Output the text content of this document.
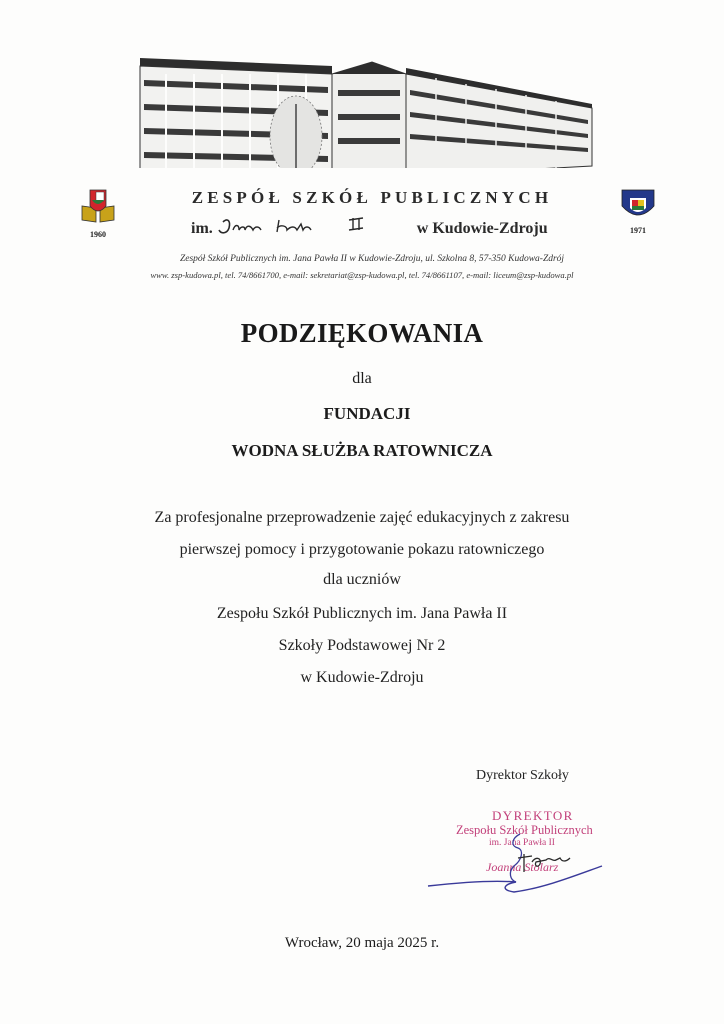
1960
ZESPÓŁ SZKÓŁ PUBLICZNYCH
im.	w Kudowie-Zdroju	1971
Zespół Szkół Publicznych im. Jana Pawła II w Kudowie-Zdroju, ul. Szkolna 8, 57-350 Kudowa-Zdrój
www. zsp-kudowa.pl, tel. 74/8661700, e-mail: sekretariat@zsp-kudowa.pl, tel. 74/8661107, e-mail: liceum@zsp-kudowa.pl
PODZIĘKOWANIA
dla
FUNDACJI
WODNA SŁUŻBA RATOWNICZA
Za profesjonalne przeprowadzenie zajęć edukacyjnych z zakresu
pierwszej pomocy i przygotowanie pokazu ratowniczego
dla uczniów
Zespołu Szkół Publicznych im. Jana Pawła II
Szkoły Podstawowej Nr 2
w Kudowie-Zdroju
Dyrektor Szkoły
DYREKTOR
Zespołu Szkół Publicznych
im. Jana Pawła II
Joanna Stolarz
Wrocław, 20 maja 2025 r.
